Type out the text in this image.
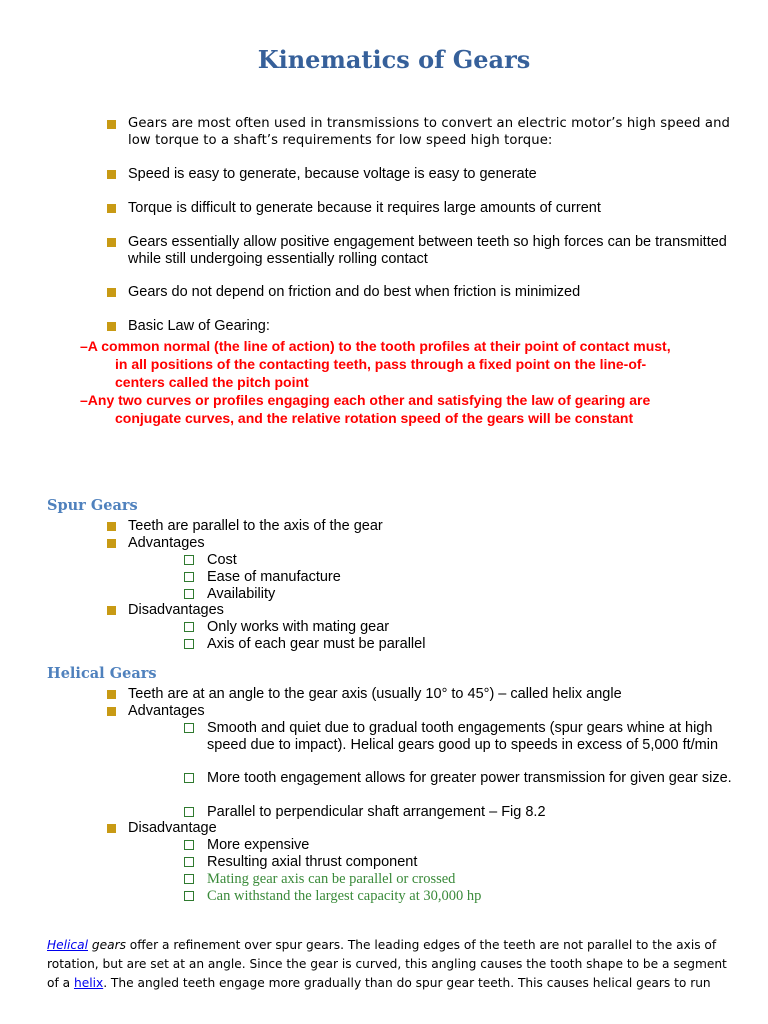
Kinematics of Gears
Gears are most often used in transmissions to convert an electric motor’s high speed and low torque to a shaft’s requirements for low speed high torque:
Speed is easy to generate, because voltage is easy to generate
Torque is difficult to generate because it requires large amounts of current
Gears essentially allow positive engagement between teeth so high forces can be transmitted while still undergoing essentially rolling contact
Gears do not depend on friction and do best when friction is minimized
Basic Law of Gearing:
–A common normal (the line of action) to the tooth profiles at their point of contact must,
in all positions of the contacting teeth, pass through a fixed point on the line-of-
centers called the pitch point
–Any two curves or profiles engaging each other and satisfying the law of gearing are
conjugate curves, and the relative rotation speed of the gears will be constant
Spur Gears
Teeth are parallel to the axis of the gear
Advantages
Cost
Ease of manufacture
Availability
Disadvantages
Only works with mating gear
Axis of each gear must be parallel
Helical Gears
Teeth are at an angle to the gear axis (usually 10° to 45°) – called helix angle
Advantages
Smooth and quiet due to gradual tooth engagements (spur gears whine at high speed due to impact). Helical gears good up to speeds in excess of 5,000 ft/min
More tooth engagement allows for greater power transmission for given gear size.
Parallel to perpendicular shaft arrangement – Fig 8.2
Disadvantage
More expensive
Resulting axial thrust component
Mating gear axis can be parallel or crossed
Can withstand the largest capacity at 30,000 hp
Helical gears offer a refinement over spur gears. The leading edges of the teeth are not parallel to the axis of rotation, but are set at an angle. Since the gear is curved, this angling causes the tooth shape to be a segment of a helix. The angled teeth engage more gradually than do spur gear teeth. This causes helical gears to run
